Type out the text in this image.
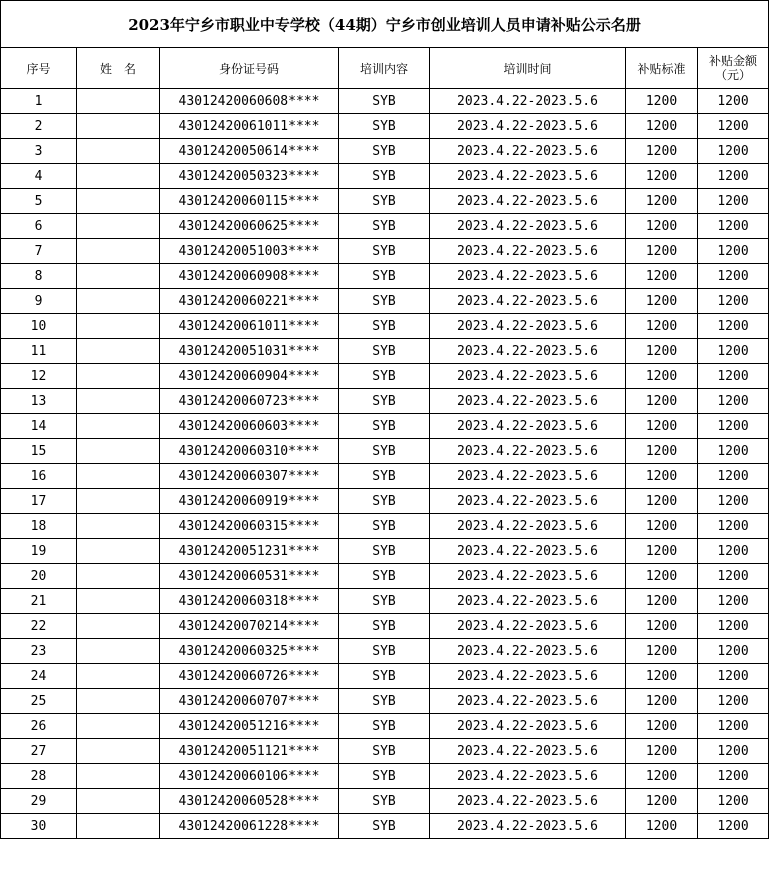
2023年宁乡市职业中专学校（44期）宁乡市创业培训人员申请补贴公示名册						
序号	姓　名	身份证号码	培训内容	培训时间	补贴标准	补贴金额（元）
1		43012420060608****	SYB	2023.4.22-2023.5.6	1200	1200
2		43012420061011****	SYB	2023.4.22-2023.5.6	1200	1200
3		43012420050614****	SYB	2023.4.22-2023.5.6	1200	1200
4		43012420050323****	SYB	2023.4.22-2023.5.6	1200	1200
5		43012420060115****	SYB	2023.4.22-2023.5.6	1200	1200
6		43012420060625****	SYB	2023.4.22-2023.5.6	1200	1200
7		43012420051003****	SYB	2023.4.22-2023.5.6	1200	1200
8		43012420060908****	SYB	2023.4.22-2023.5.6	1200	1200
9		43012420060221****	SYB	2023.4.22-2023.5.6	1200	1200
10		43012420061011****	SYB	2023.4.22-2023.5.6	1200	1200
11		43012420051031****	SYB	2023.4.22-2023.5.6	1200	1200
12		43012420060904****	SYB	2023.4.22-2023.5.6	1200	1200
13		43012420060723****	SYB	2023.4.22-2023.5.6	1200	1200
14		43012420060603****	SYB	2023.4.22-2023.5.6	1200	1200
15		43012420060310****	SYB	2023.4.22-2023.5.6	1200	1200
16		43012420060307****	SYB	2023.4.22-2023.5.6	1200	1200
17		43012420060919****	SYB	2023.4.22-2023.5.6	1200	1200
18		43012420060315****	SYB	2023.4.22-2023.5.6	1200	1200
19		43012420051231****	SYB	2023.4.22-2023.5.6	1200	1200
20		43012420060531****	SYB	2023.4.22-2023.5.6	1200	1200
21		43012420060318****	SYB	2023.4.22-2023.5.6	1200	1200
22		43012420070214****	SYB	2023.4.22-2023.5.6	1200	1200
23		43012420060325****	SYB	2023.4.22-2023.5.6	1200	1200
24		43012420060726****	SYB	2023.4.22-2023.5.6	1200	1200
25		43012420060707****	SYB	2023.4.22-2023.5.6	1200	1200
26		43012420051216****	SYB	2023.4.22-2023.5.6	1200	1200
27		43012420051121****	SYB	2023.4.22-2023.5.6	1200	1200
28		43012420060106****	SYB	2023.4.22-2023.5.6	1200	1200
29		43012420060528****	SYB	2023.4.22-2023.5.6	1200	1200
30		43012420061228****	SYB	2023.4.22-2023.5.6	1200	1200
